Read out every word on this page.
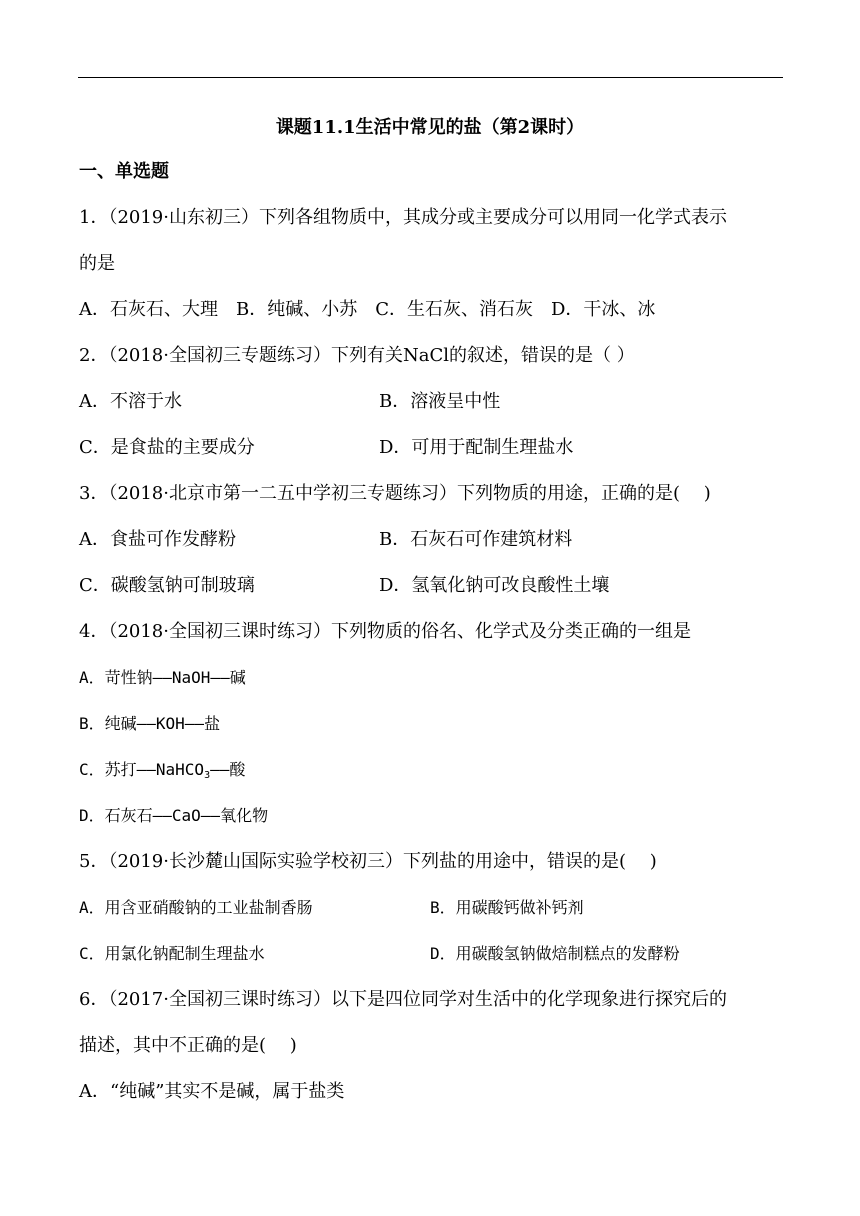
课题11.1生活中常见的盐（第2课时）
一、单选题
1．（2019·山东初三）下列各组物质中，其成分或主要成分可以用同一化学式表示
的是
A．石灰石、大理　B．纯碱、小苏　C．生石灰、消石灰　D．干冰、冰
2．（2018·全国初三专题练习）下列有关NaCl的叙述，错误的是（ ）
A．不溶于水	B．溶液呈中性
C．是食盐的主要成分	D．可用于配制生理盐水
3．（2018·北京市第一二五中学初三专题练习）下列物质的用途，正确的是(　 )
A．食盐可作发酵粉	B．石灰石可作建筑材料
C．碳酸氢钠可制玻璃	D．氢氧化钠可改良酸性土壤
4．（2018·全国初三课时练习）下列物质的俗名、化学式及分类正确的一组是
A．苛性钠——NaOH——碱
B．纯碱——KOH——盐
C．苏打——NaHCO$_3$——酸
D．石灰石——CaO——氧化物
5．（2019·长沙麓山国际实验学校初三）下列盐的用途中，错误的是(　 )
A．用含亚硝酸钠的工业盐制香肠	B．用碳酸钙做补钙剂
C．用氯化钠配制生理盐水	D．用碳酸氢钠做焙制糕点的发酵粉
6．（2017·全国初三课时练习）以下是四位同学对生活中的化学现象进行探究后的
描述，其中不正确的是(　 )
A．“纯碱”其实不是碱，属于盐类
